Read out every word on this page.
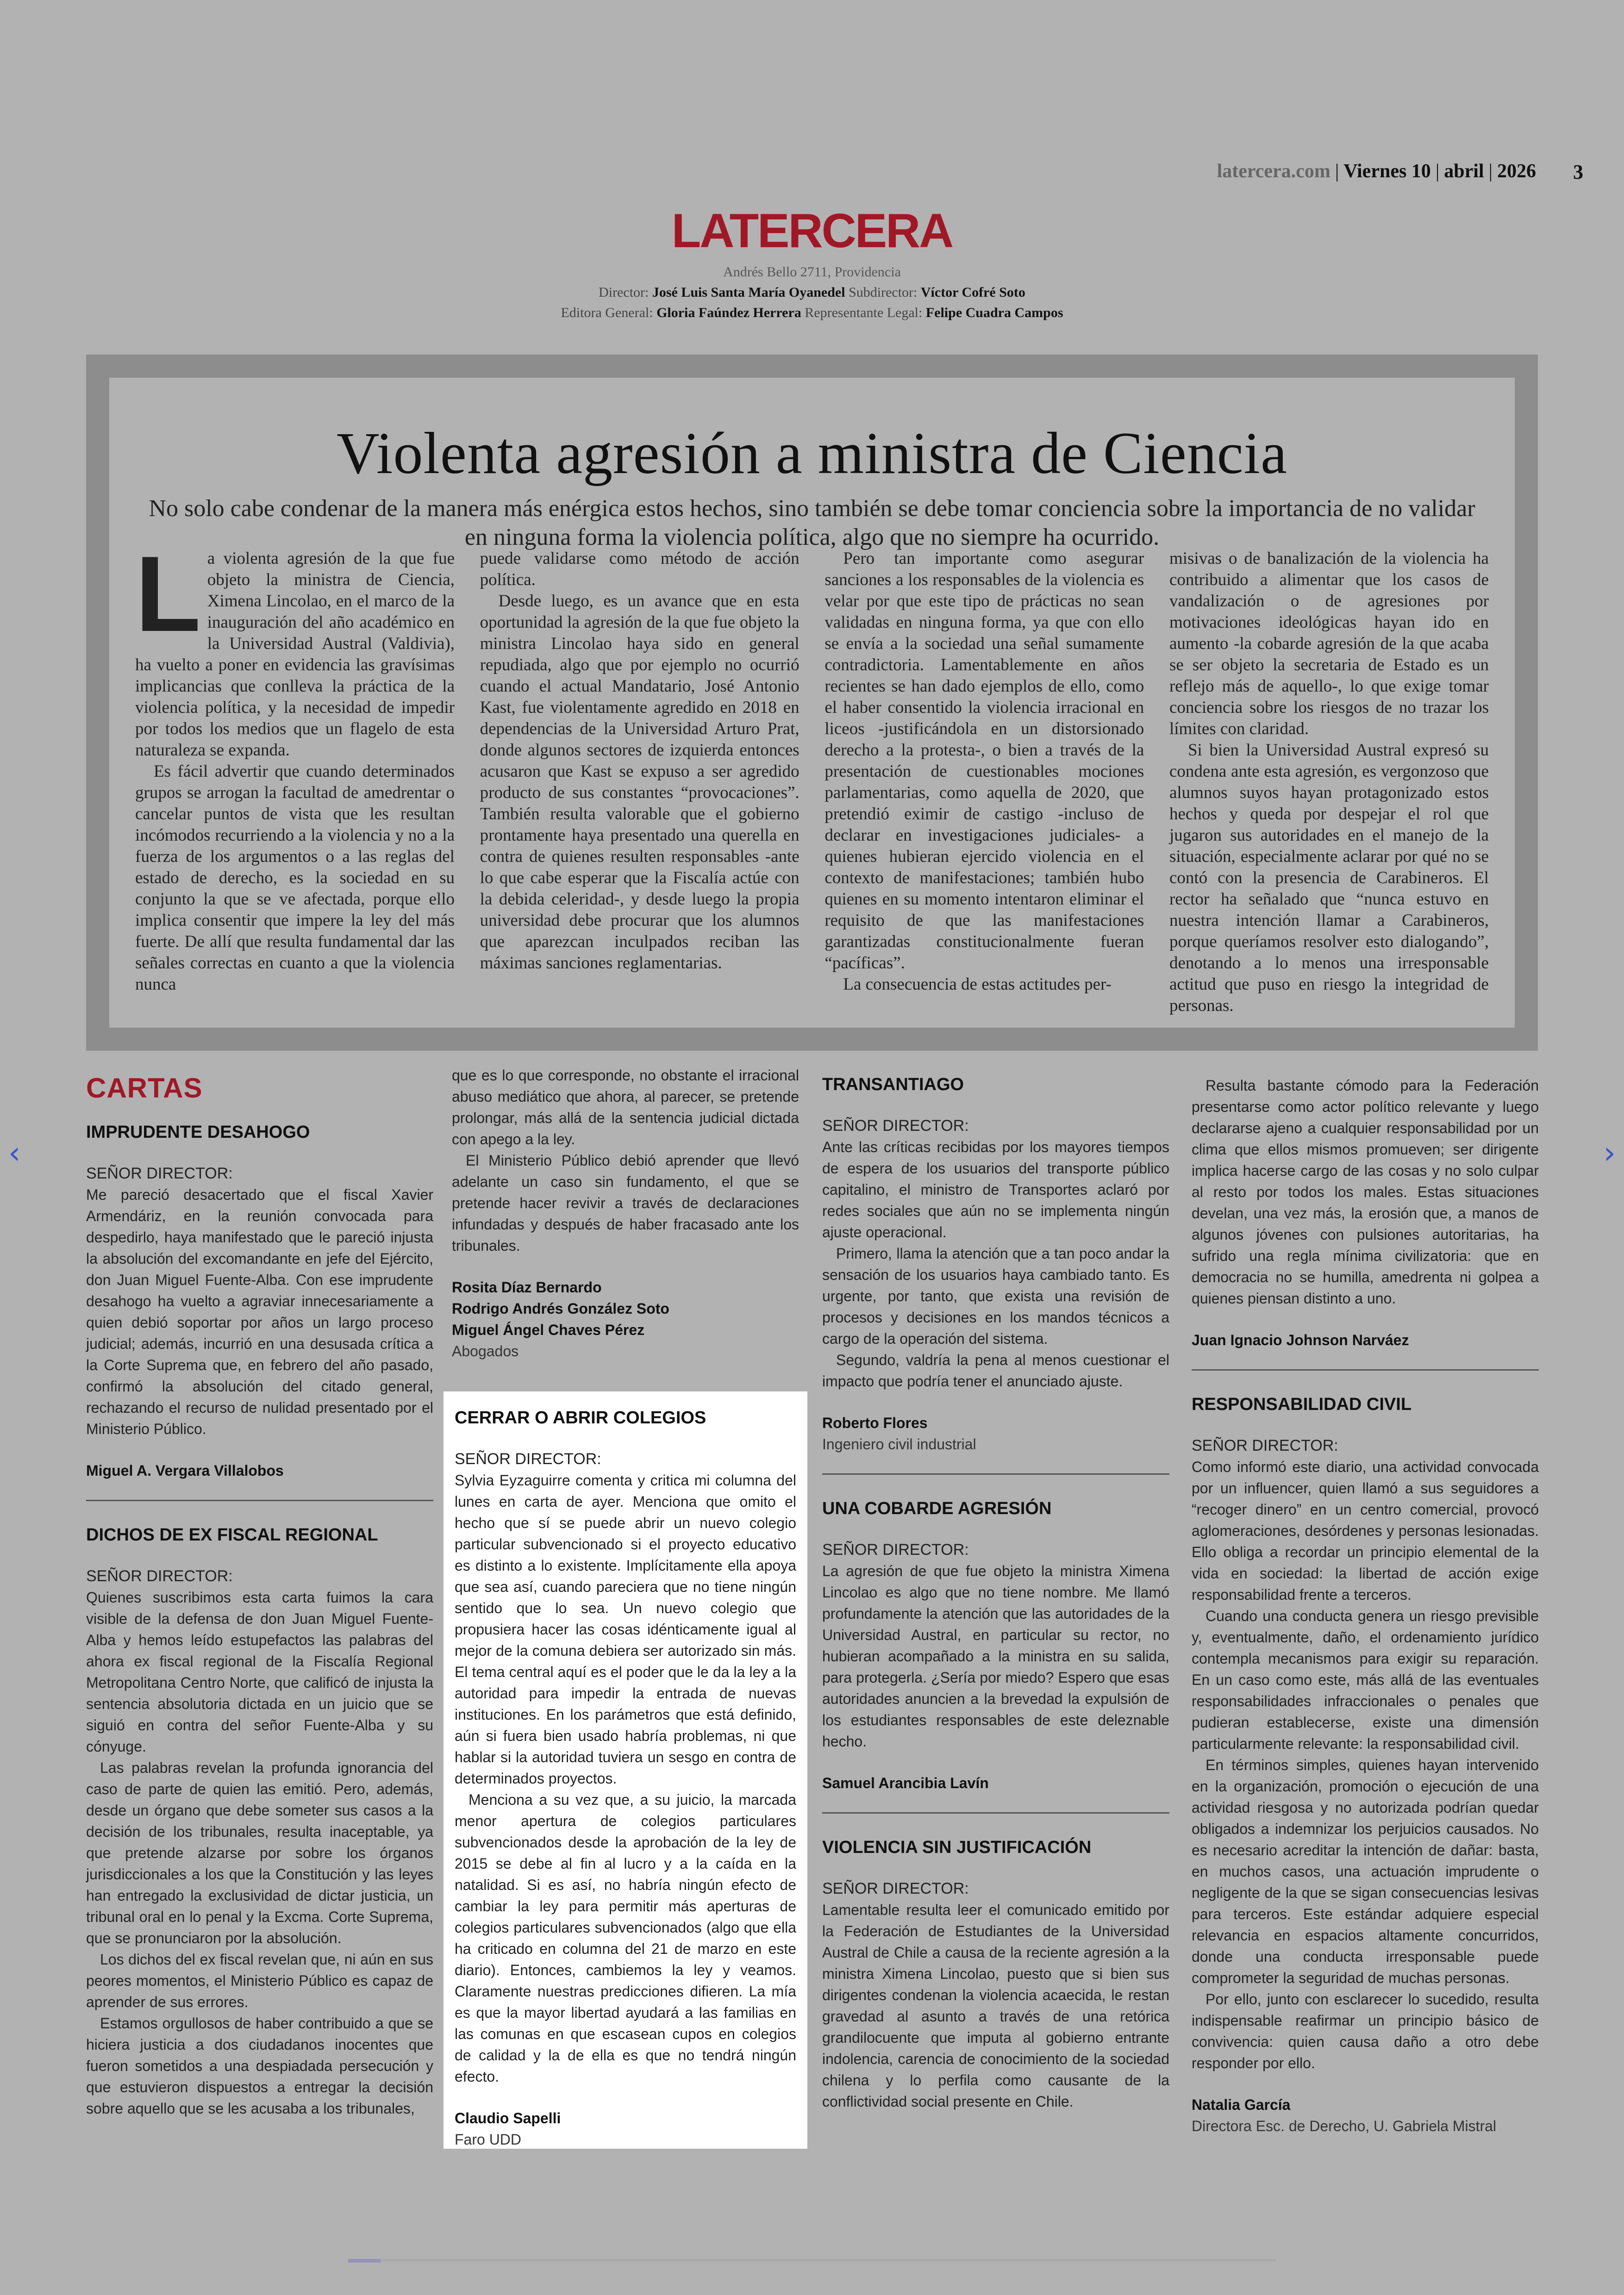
latercera.com | Viernes 10 | abril | 2026 3
LATERCERA
Andrés Bello 2711, Providencia
Director: José Luis Santa María Oyanedel Subdirector: Víctor Cofré Soto
Editora General: Gloria Faúndez Herrera Representante Legal: Felipe Cuadra Campos
Violenta agresión a ministra de Ciencia
No solo cabe condenar de la manera más enérgica estos hechos, sino también se debe tomar conciencia sobre la importancia de no validar en ninguna forma la violencia política, algo que no siempre ha ocurrido.
L a violenta agresión de la que fue objeto la ministra de Ciencia, Ximena Lincolao, en el marco de la inauguración del año académico en la Universidad Austral (Valdivia), ha vuelto a poner en evidencia las gravísimas implicancias que conlleva la práctica de la violencia política, y la necesidad de impedir por todos los medios que un flagelo de esta naturaleza se expanda.

Es fácil advertir que cuando determinados grupos se arrogan la facultad de amedrentar o cancelar puntos de vista que les resultan incómodos recurriendo a la violencia y no a la fuerza de los argumentos o a las reglas del estado de derecho, es la sociedad en su conjunto la que se ve afectada, porque ello implica consentir que impere la ley del más fuerte. De allí que resulta fundamental dar las señales correctas en cuanto a que la violencia nunca

puede validarse como método de acción política.

Desde luego, es un avance que en esta oportunidad la agresión de la que fue objeto la ministra Lincolao haya sido en general repudiada, algo que por ejemplo no ocurrió cuando el actual Mandatario, José Antonio Kast, fue violentamente agredido en 2018 en dependencias de la Universidad Arturo Prat, donde algunos sectores de izquierda entonces acusaron que Kast se expuso a ser agredido producto de sus constantes “provocaciones”. También resulta valorable que el gobierno prontamente haya presentado una querella en contra de quienes resulten responsables -ante lo que cabe esperar que la Fiscalía actúe con la debida celeridad-, y desde luego la propia universidad debe procurar que los alumnos que aparezcan inculpados reciban las máximas sanciones reglamentarias.

Pero tan importante como asegurar sanciones a los responsables de la violencia es velar por que este tipo de prácticas no sean validadas en ninguna forma, ya que con ello se envía a la sociedad una señal sumamente contradictoria. Lamentablemente en años recientes se han dado ejemplos de ello, como el haber consentido la violencia irracional en liceos -justificándola en un distorsionado derecho a la protesta-, o bien a través de la presentación de cuestionables mociones parlamentarias, como aquella de 2020, que pretendió eximir de castigo -incluso de declarar en investigaciones judiciales- a quienes hubieran ejercido violencia en el contexto de manifestaciones; también hubo quienes en su momento intentaron eliminar el requisito de que las manifestaciones garantizadas constitucionalmente fueran “pacíficas”.

La consecuencia de estas actitudes per-

misivas o de banalización de la violencia ha contribuido a alimentar que los casos de vandalización o de agresiones por motivaciones ideológicas hayan ido en aumento -la cobarde agresión de la que acaba se ser objeto la secretaria de Estado es un reflejo más de aquello-, lo que exige tomar conciencia sobre los riesgos de no trazar los límites con claridad.

Si bien la Universidad Austral expresó su condena ante esta agresión, es vergonzoso que alumnos suyos hayan protagonizado estos hechos y queda por despejar el rol que jugaron sus autoridades en el manejo de la situación, especialmente aclarar por qué no se contó con la presencia de Carabineros. El rector ha señalado que “nunca estuvo en nuestra intención llamar a Carabineros, porque queríamos resolver esto dialogando”, denotando a lo menos una irresponsable actitud que puso en riesgo la integridad de personas.

CERRAR O ABRIR COLEGIOS
SEÑOR DIRECTOR:

Sylvia Eyzaguirre comenta y critica mi columna del lunes en carta de ayer. Menciona que omito el hecho que sí se puede abrir un nuevo colegio particular subvencionado si el proyecto educativo es distinto a lo existente. Implícitamente ella apoya que sea así, cuando pareciera que no tiene ningún sentido que lo sea. Un nuevo colegio que propusiera hacer las cosas idénticamente igual al mejor de la comuna debiera ser autorizado sin más. El tema central aquí es el poder que le da la ley a la autoridad para impedir la entrada de nuevas instituciones. En los parámetros que está definido, aún si fuera bien usado habría problemas, ni que hablar si la autoridad tuviera un sesgo en contra de determinados proyectos.

Menciona a su vez que, a su juicio, la marcada menor apertura de colegios particulares subvencionados desde la aprobación de la ley de 2015 se debe al fin al lucro y a la caída en la natalidad. Si es así, no habría ningún efecto de cambiar la ley para permitir más aperturas de colegios particulares subvencionados (algo que ella ha criticado en columna del 21 de marzo en este diario). Entonces, cambiemos la ley y veamos. Claramente nuestras predicciones difieren. La mía es que la mayor libertad ayudará a las familias en las comunas en que escasean cupos en colegios de calidad y la de ella es que no tendrá ningún efecto.

Claudio Sapelli
Faro UDD
CARTAS
IMPRUDENTE DESAHOGO
SEÑOR DIRECTOR:

Me pareció desacertado que el fiscal Xavier Armendáriz, en la reunión convocada para despedirlo, haya manifestado que le pareció injusta la absolución del excomandante en jefe del Ejército, don Juan Miguel Fuente-Alba. Con ese imprudente desahogo ha vuelto a agraviar innecesariamente a quien debió soportar por años un largo proceso judicial; además, incurrió en una desusada crítica a la Corte Suprema que, en febrero del año pasado, confirmó la absolución del citado general, rechazando el recurso de nulidad presentado por el Ministerio Público.

Miguel A. Vergara Villalobos
DICHOS DE EX FISCAL REGIONAL
SEÑOR DIRECTOR:

Quienes suscribimos esta carta fuimos la cara visible de la defensa de don Juan Miguel Fuente-Alba y hemos leído estupefactos las palabras del ahora ex fiscal regional de la Fiscalía Regional Metropolitana Centro Norte, que calificó de injusta la sentencia absolutoria dictada en un juicio que se siguió en contra del señor Fuente-Alba y su cónyuge.

Las palabras revelan la profunda ignorancia del caso de parte de quien las emitió. Pero, además, desde un órgano que debe someter sus casos a la decisión de los tribunales, resulta inaceptable, ya que pretende alzarse por sobre los órganos jurisdiccionales a los que la Constitución y las leyes han entregado la exclusividad de dictar justicia, un tribunal oral en lo penal y la Excma. Corte Suprema, que se pronunciaron por la absolución.

Los dichos del ex fiscal revelan que, ni aún en sus peores momentos, el Ministerio Público es capaz de aprender de sus errores.

Estamos orgullosos de haber contribuido a que se hiciera justicia a dos ciudadanos inocentes que fueron sometidos a una despiadada persecución y que estuvieron dispuestos a entregar la decisión sobre aquello que se les acusaba a los tribunales,

que es lo que corresponde, no obstante el irracional abuso mediático que ahora, al parecer, se pretende prolongar, más allá de la sentencia judicial dictada con apego a la ley.

El Ministerio Público debió aprender que llevó adelante un caso sin fundamento, el que se pretende hacer revivir a través de declaraciones infundadas y después de haber fracasado ante los tribunales.

Rosita Díaz Bernardo
Rodrigo Andrés González Soto
Miguel Ángel Chaves Pérez
Abogados
TRANSANTIAGO
SEÑOR DIRECTOR:

Ante las críticas recibidas por los mayores tiempos de espera de los usuarios del transporte público capitalino, el ministro de Transportes aclaró por redes sociales que aún no se implementa ningún ajuste operacional.

Primero, llama la atención que a tan poco andar la sensación de los usuarios haya cambiado tanto. Es urgente, por tanto, que exista una revisión de procesos y decisiones en los mandos técnicos a cargo de la operación del sistema.

Segundo, valdría la pena al menos cuestionar el impacto que podría tener el anunciado ajuste.

Roberto Flores
Ingeniero civil industrial
UNA COBARDE AGRESIÓN
SEÑOR DIRECTOR:

La agresión de que fue objeto la ministra Ximena Lincolao es algo que no tiene nombre. Me llamó profundamente la atención que las autoridades de la Universidad Austral, en particular su rector, no hubieran acompañado a la ministra en su salida, para protegerla. ¿Sería por miedo? Espero que esas autoridades anuncien a la brevedad la expulsión de los estudiantes responsables de este deleznable hecho.

Samuel Arancibia Lavín
VIOLENCIA SIN JUSTIFICACIÓN
SEÑOR DIRECTOR:

Lamentable resulta leer el comunicado emitido por la Federación de Estudiantes de la Universidad Austral de Chile a causa de la reciente agresión a la ministra Ximena Lincolao, puesto que si bien sus dirigentes condenan la violencia acaecida, le restan gravedad al asunto a través de una retórica grandilocuente que imputa al gobierno entrante indolencia, carencia de conocimiento de la sociedad chilena y lo perfila como causante de la conflictividad social presente en Chile.

Resulta bastante cómodo para la Federación presentarse como actor político relevante y luego declararse ajeno a cualquier responsabilidad por un clima que ellos mismos promueven; ser dirigente implica hacerse cargo de las cosas y no solo culpar al resto por todos los males. Estas situaciones develan, una vez más, la erosión que, a manos de algunos jóvenes con pulsiones autoritarias, ha sufrido una regla mínima civilizatoria: que en democracia no se humilla, amedrenta ni golpea a quienes piensan distinto a uno.

Juan Ignacio Johnson Narváez
RESPONSABILIDAD CIVIL
SEÑOR DIRECTOR:

Como informó este diario, una actividad convocada por un influencer, quien llamó a sus seguidores a “recoger dinero” en un centro comercial, provocó aglomeraciones, desórdenes y personas lesionadas. Ello obliga a recordar un principio elemental de la vida en sociedad: la libertad de acción exige responsabilidad frente a terceros.

Cuando una conducta genera un riesgo previsible y, eventualmente, daño, el ordenamiento jurídico contempla mecanismos para exigir su reparación. En un caso como este, más allá de las eventuales responsabilidades infraccionales o penales que pudieran establecerse, existe una dimensión particularmente relevante: la responsabilidad civil.

En términos simples, quienes hayan intervenido en la organización, promoción o ejecución de una actividad riesgosa y no autorizada podrían quedar obligados a indemnizar los perjuicios causados. No es necesario acreditar la intención de dañar: basta, en muchos casos, una actuación imprudente o negligente de la que se sigan consecuencias lesivas para terceros. Este estándar adquiere especial relevancia en espacios altamente concurridos, donde una conducta irresponsable puede comprometer la seguridad de muchas personas.

Por ello, junto con esclarecer lo sucedido, resulta indispensable reafirmar un principio básico de convivencia: quien causa daño a otro debe responder por ello.

Natalia García
Directora Esc. de Derecho, U. Gabriela Mistral
‹	›
